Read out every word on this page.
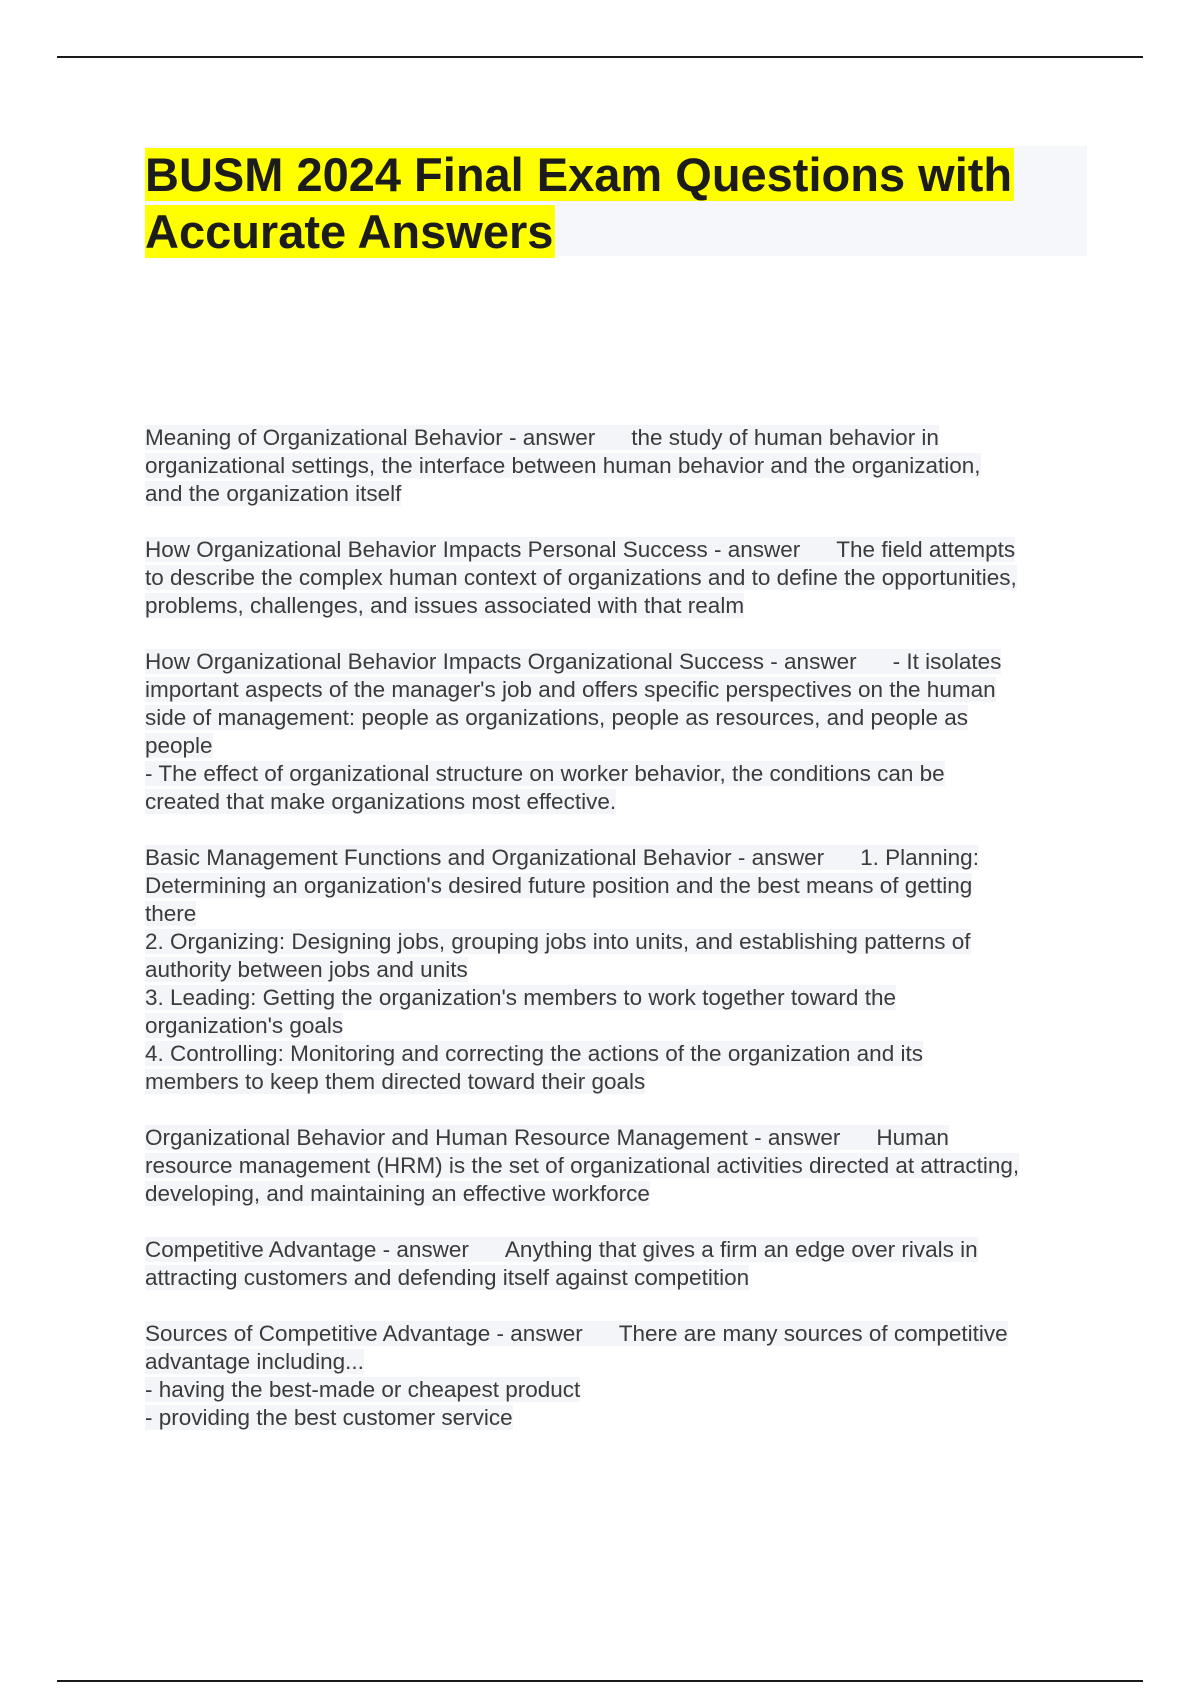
BUSM 2024 Final Exam Questions with
Accurate Answers

Meaning of Organizational Behavior - answer the study of human behavior in
organizational settings, the interface between human behavior and the organization,
and the organization itself

How Organizational Behavior Impacts Personal Success - answer The field attempts
to describe the complex human context of organizations and to define the opportunities,
problems, challenges, and issues associated with that realm

How Organizational Behavior Impacts Organizational Success - answer - It isolates
important aspects of the manager's job and offers specific perspectives on the human
side of management: people as organizations, people as resources, and people as
people
- The effect of organizational structure on worker behavior, the conditions can be
created that make organizations most effective.

Basic Management Functions and Organizational Behavior - answer 1. Planning:
Determining an organization's desired future position and the best means of getting
there
2. Organizing: Designing jobs, grouping jobs into units, and establishing patterns of
authority between jobs and units
3. Leading: Getting the organization's members to work together toward the
organization's goals
4. Controlling: Monitoring and correcting the actions of the organization and its
members to keep them directed toward their goals

Organizational Behavior and Human Resource Management - answer Human
resource management (HRM) is the set of organizational activities directed at attracting,
developing, and maintaining an effective workforce

Competitive Advantage - answer Anything that gives a firm an edge over rivals in
attracting customers and defending itself against competition

Sources of Competitive Advantage - answer There are many sources of competitive
advantage including...
- having the best-made or cheapest product
- providing the best customer service
